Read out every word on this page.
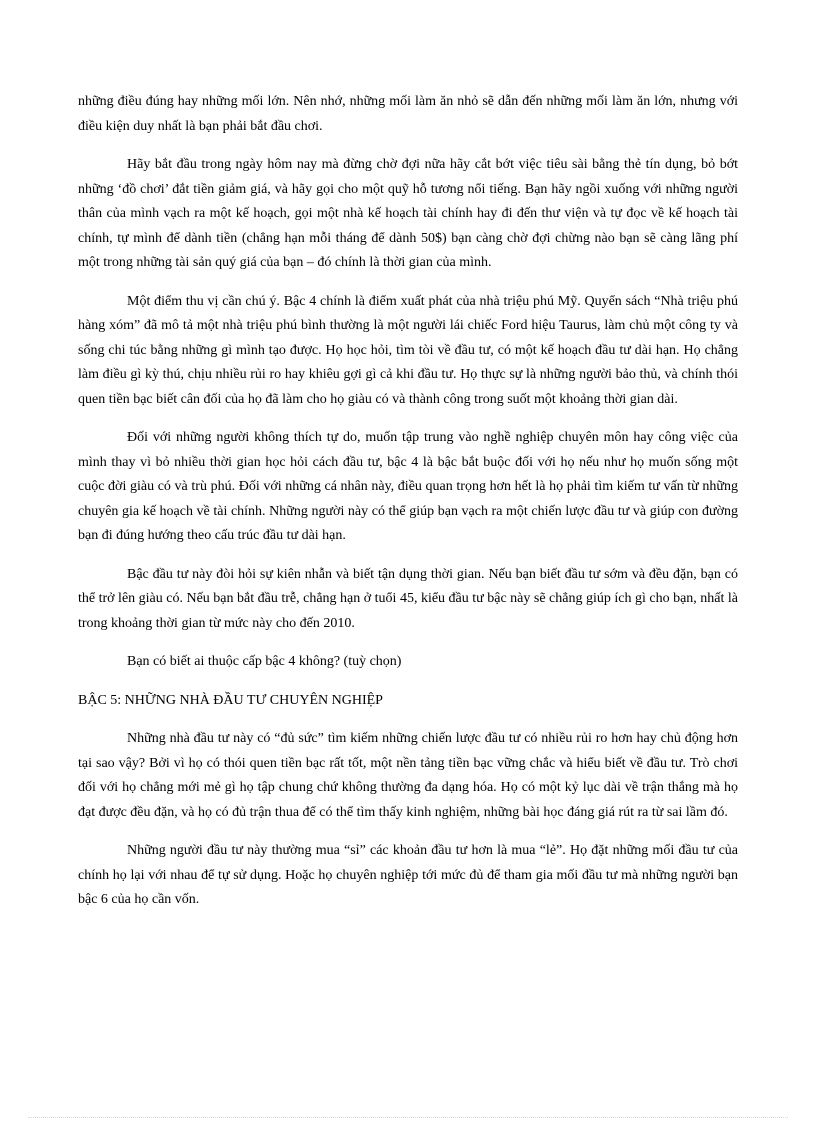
những điều đúng hay những mối lớn. Nên nhớ, những mối làm ăn nhỏ sẽ dẫn đến những mối làm ăn lớn, nhưng với điều kiện duy nhất là bạn phải bắt đầu chơi.

Hãy bắt đầu trong ngày hôm nay mà đừng chờ đợi nữa hãy cắt bớt việc tiêu sài bằng thẻ tín dụng, bỏ bớt những ‘đồ chơi’ đắt tiền giảm giá, và hãy gọi cho một quỹ hỗ tương nổi tiếng. Bạn hãy ngồi xuống với những người thân của mình vạch ra một kế hoạch, gọi một nhà kế hoạch tài chính hay đi đến thư viện và tự đọc về kế hoạch tài chính, tự mình để dành tiền (chẳng hạn mỗi tháng để dành 50$) bạn càng chờ đợi chừng nào bạn sẽ càng lãng phí một trong những tài sản quý giá của bạn – đó chính là thời gian của mình.

Một điểm thu vị cần chú ý. Bậc 4 chính là điểm xuất phát của nhà triệu phú Mỹ. Quyển sách “Nhà triệu phú hàng xóm” đã mô tả một nhà triệu phú bình thường là một người lái chiếc Ford hiệu Taurus, làm chủ một công ty và sống chi túc bằng những gì mình tạo được. Họ học hỏi, tìm tòi về đầu tư, có một kế hoạch đầu tư dài hạn. Họ chẳng làm điều gì kỳ thú, chịu nhiều rủi ro hay khiêu gợi gì cả khi đầu tư. Họ thực sự là những người bảo thủ, và chính thói quen tiền bạc biết cân đối của họ đã làm cho họ giàu có và thành công trong suốt một khoảng thời gian dài.

Đối với những người không thích tự do, muốn tập trung vào nghề nghiệp chuyên môn hay công việc của mình thay vì bỏ nhiều thời gian học hỏi cách đầu tư, bậc 4 là bậc bắt buộc đối với họ nếu như họ muốn sống một cuộc đời giàu có và trù phú. Đối với những cá nhân này, điều quan trọng hơn hết là họ phải tìm kiếm tư vấn từ những chuyên gia kế hoạch về tài chính. Những người này có thể giúp bạn vạch ra một chiến lược đầu tư và giúp con đường bạn đi đúng hướng theo cấu trúc đầu tư dài hạn.

Bậc đầu tư này đòi hỏi sự kiên nhẫn và biết tận dụng thời gian. Nếu bạn biết đầu tư sớm và đều đặn, bạn có thể trở lên giàu có. Nếu bạn bắt đầu trễ, chẳng hạn ở tuổi 45, kiểu đầu tư bậc này sẽ chẳng giúp ích gì cho bạn, nhất là trong khoảng thời gian từ mức này cho đến 2010.

Bạn có biết ai thuộc cấp bậc 4 không? (tuỳ chọn)

BẬC 5: NHỮNG NHÀ ĐẦU TƯ CHUYÊN NGHIỆP

Những nhà đầu tư này có “đủ sức” tìm kiếm những chiến lược đầu tư có nhiều rủi ro hơn hay chủ động hơn tại sao vậy? Bởi vì họ có thói quen tiền bạc rất tốt, một nền tảng tiền bạc vững chắc và hiểu biết về đầu tư. Trò chơi đối với họ chẳng mới mẻ gì họ tập chung chứ không thường đa dạng hóa. Họ có một kỷ lục dài về trận thắng mà họ đạt được đều đặn, và họ có đủ trận thua để có thể tìm thấy kinh nghiệm, những bài học đáng giá rút ra từ sai lầm đó.

Những người đầu tư này thường mua “sỉ” các khoản đầu tư hơn là mua “lẻ”. Họ đặt những mối đầu tư của chính họ lại với nhau để tự sử dụng. Hoặc họ chuyên nghiệp tới mức đủ để tham gia mối đầu tư mà những người bạn bậc 6 của họ cần vốn.
